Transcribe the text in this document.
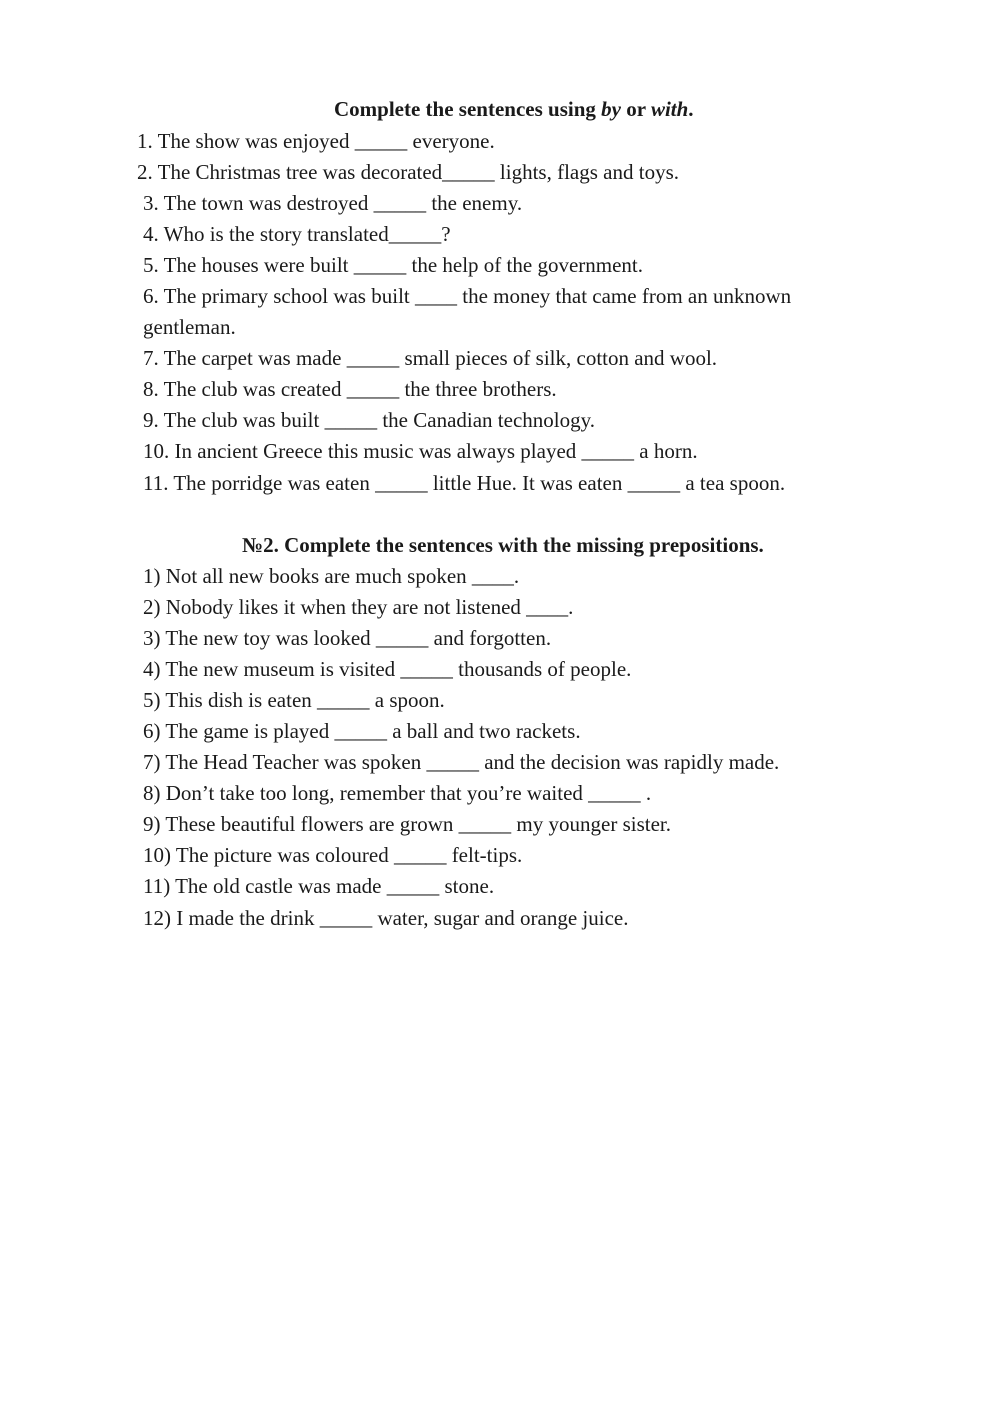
Complete the sentences using by or with.
1. The show was enjoyed _____ everyone.
2. The Christmas tree was decorated_____ lights, flags and toys.
3. The town was destroyed _____ the enemy.
4. Who is the story translated_____?
5. The houses were built _____ the help of the government.
6. The primary school was built ____ the money that came from an unknown
gentleman.
7. The carpet was made _____ small pieces of silk, cotton and wool.
8. The club was created _____ the three brothers.
9. The club was built _____ the Canadian technology.
10. In ancient Greece this music was always played _____ a horn.
11. The porridge was eaten _____ little Hue. It was eaten _____ a tea spoon.
№2. Complete the sentences with the missing prepositions.
1) Not all new books are much spoken ____.
2) Nobody likes it when they are not listened ____.
3) The new toy was looked _____ and forgotten.
4) The new museum is visited _____ thousands of people.
5) This dish is eaten _____ a spoon.
6) The game is played _____ a ball and two rackets.
7) The Head Teacher was spoken _____ and the decision was rapidly made.
8) Don’t take too long, remember that you’re waited _____ .
9) These beautiful flowers are grown _____ my younger sister.
10) The picture was coloured _____ felt-tips.
11) The old castle was made _____ stone.
12) I made the drink _____ water, sugar and orange juice.
